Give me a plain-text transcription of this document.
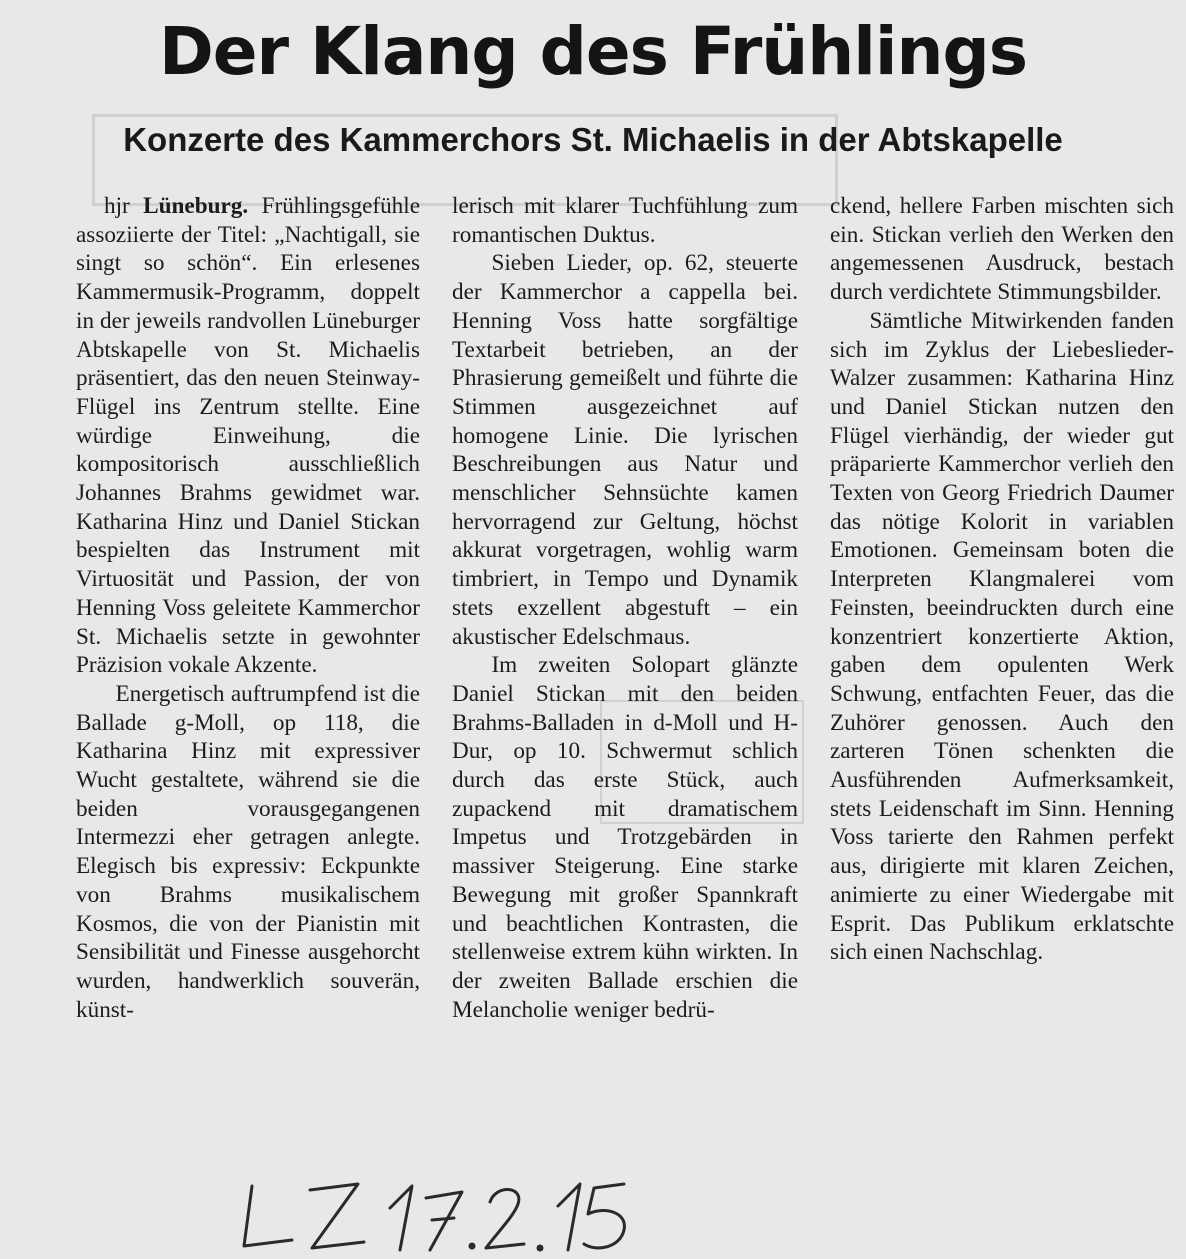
Der Klang des Frühlings
Konzerte des Kammerchors St. Michaelis in der Abtskapelle

hjr Lüneburg. Frühlingsgefühle assoziierte der Titel: „Nachtigall, sie singt so schön“. Ein erlesenes Kammermusik-Programm, doppelt in der jeweils randvollen Lüneburger Abtskapelle von St. Michaelis präsentiert, das den neuen Steinway-Flügel ins Zentrum stellte. Eine würdige Einweihung, die kompositorisch ausschließlich Johannes Brahms gewidmet war. Katharina Hinz und Daniel Stickan bespielten das Instrument mit Virtuosität und Passion, der von Henning Voss geleitete Kammerchor St. Michaelis setzte in gewohnter Präzision vokale Akzente.

Energetisch auftrumpfend ist die Ballade g-Moll, op 118, die Katharina Hinz mit expressiver Wucht gestaltete, während sie die beiden vorausgegangenen Intermezzi eher getragen anlegte. Elegisch bis expressiv: Eckpunkte von Brahms musikalischem Kosmos, die von der Pianistin mit Sensibilität und Finesse ausgehorcht wurden, handwerklich souverän, künst-

lerisch mit klarer Tuchfühlung zum romantischen Duktus.

Sieben Lieder, op. 62, steuerte der Kammerchor a cappella bei. Henning Voss hatte sorgfältige Textarbeit betrieben, an der Phrasierung gemeißelt und führte die Stimmen ausgezeichnet auf homogene Linie. Die lyrischen Beschreibungen aus Natur und menschlicher Sehnsüchte kamen hervorragend zur Geltung, höchst akkurat vorgetragen, wohlig warm timbriert, in Tempo und Dynamik stets exzellent abgestuft – ein akustischer Edelschmaus.

Im zweiten Solopart glänzte Daniel Stickan mit den beiden Brahms-Balladen in d-Moll und H-Dur, op 10. Schwermut schlich durch das erste Stück, auch zupackend mit dramatischem Impetus und Trotzgebärden in massiver Steigerung. Eine starke Bewegung mit großer Spannkraft und beachtlichen Kontrasten, die stellenweise extrem kühn wirkten. In der zweiten Ballade erschien die Melancholie weniger bedrü-

ckend, hellere Farben mischten sich ein. Stickan verlieh den Werken den angemessenen Ausdruck, bestach durch verdichtete Stimmungsbilder.

Sämtliche Mitwirkenden fanden sich im Zyklus der Liebeslieder-Walzer zusammen: Katharina Hinz und Daniel Stickan nutzen den Flügel vierhändig, der wieder gut präparierte Kammerchor verlieh den Texten von Georg Friedrich Daumer das nötige Kolorit in variablen Emotionen. Gemeinsam boten die Interpreten Klangmalerei vom Feinsten, beeindruckten durch eine konzentriert konzertierte Aktion, gaben dem opulenten Werk Schwung, entfachten Feuer, das die Zuhörer genossen. Auch den zarteren Tönen schenkten die Ausführenden Aufmerksamkeit, stets Leidenschaft im Sinn. Henning Voss tarierte den Rahmen perfekt aus, dirigierte mit klaren Zeichen, animierte zu einer Wiedergabe mit Esprit. Das Publikum erklatschte sich einen Nachschlag.
